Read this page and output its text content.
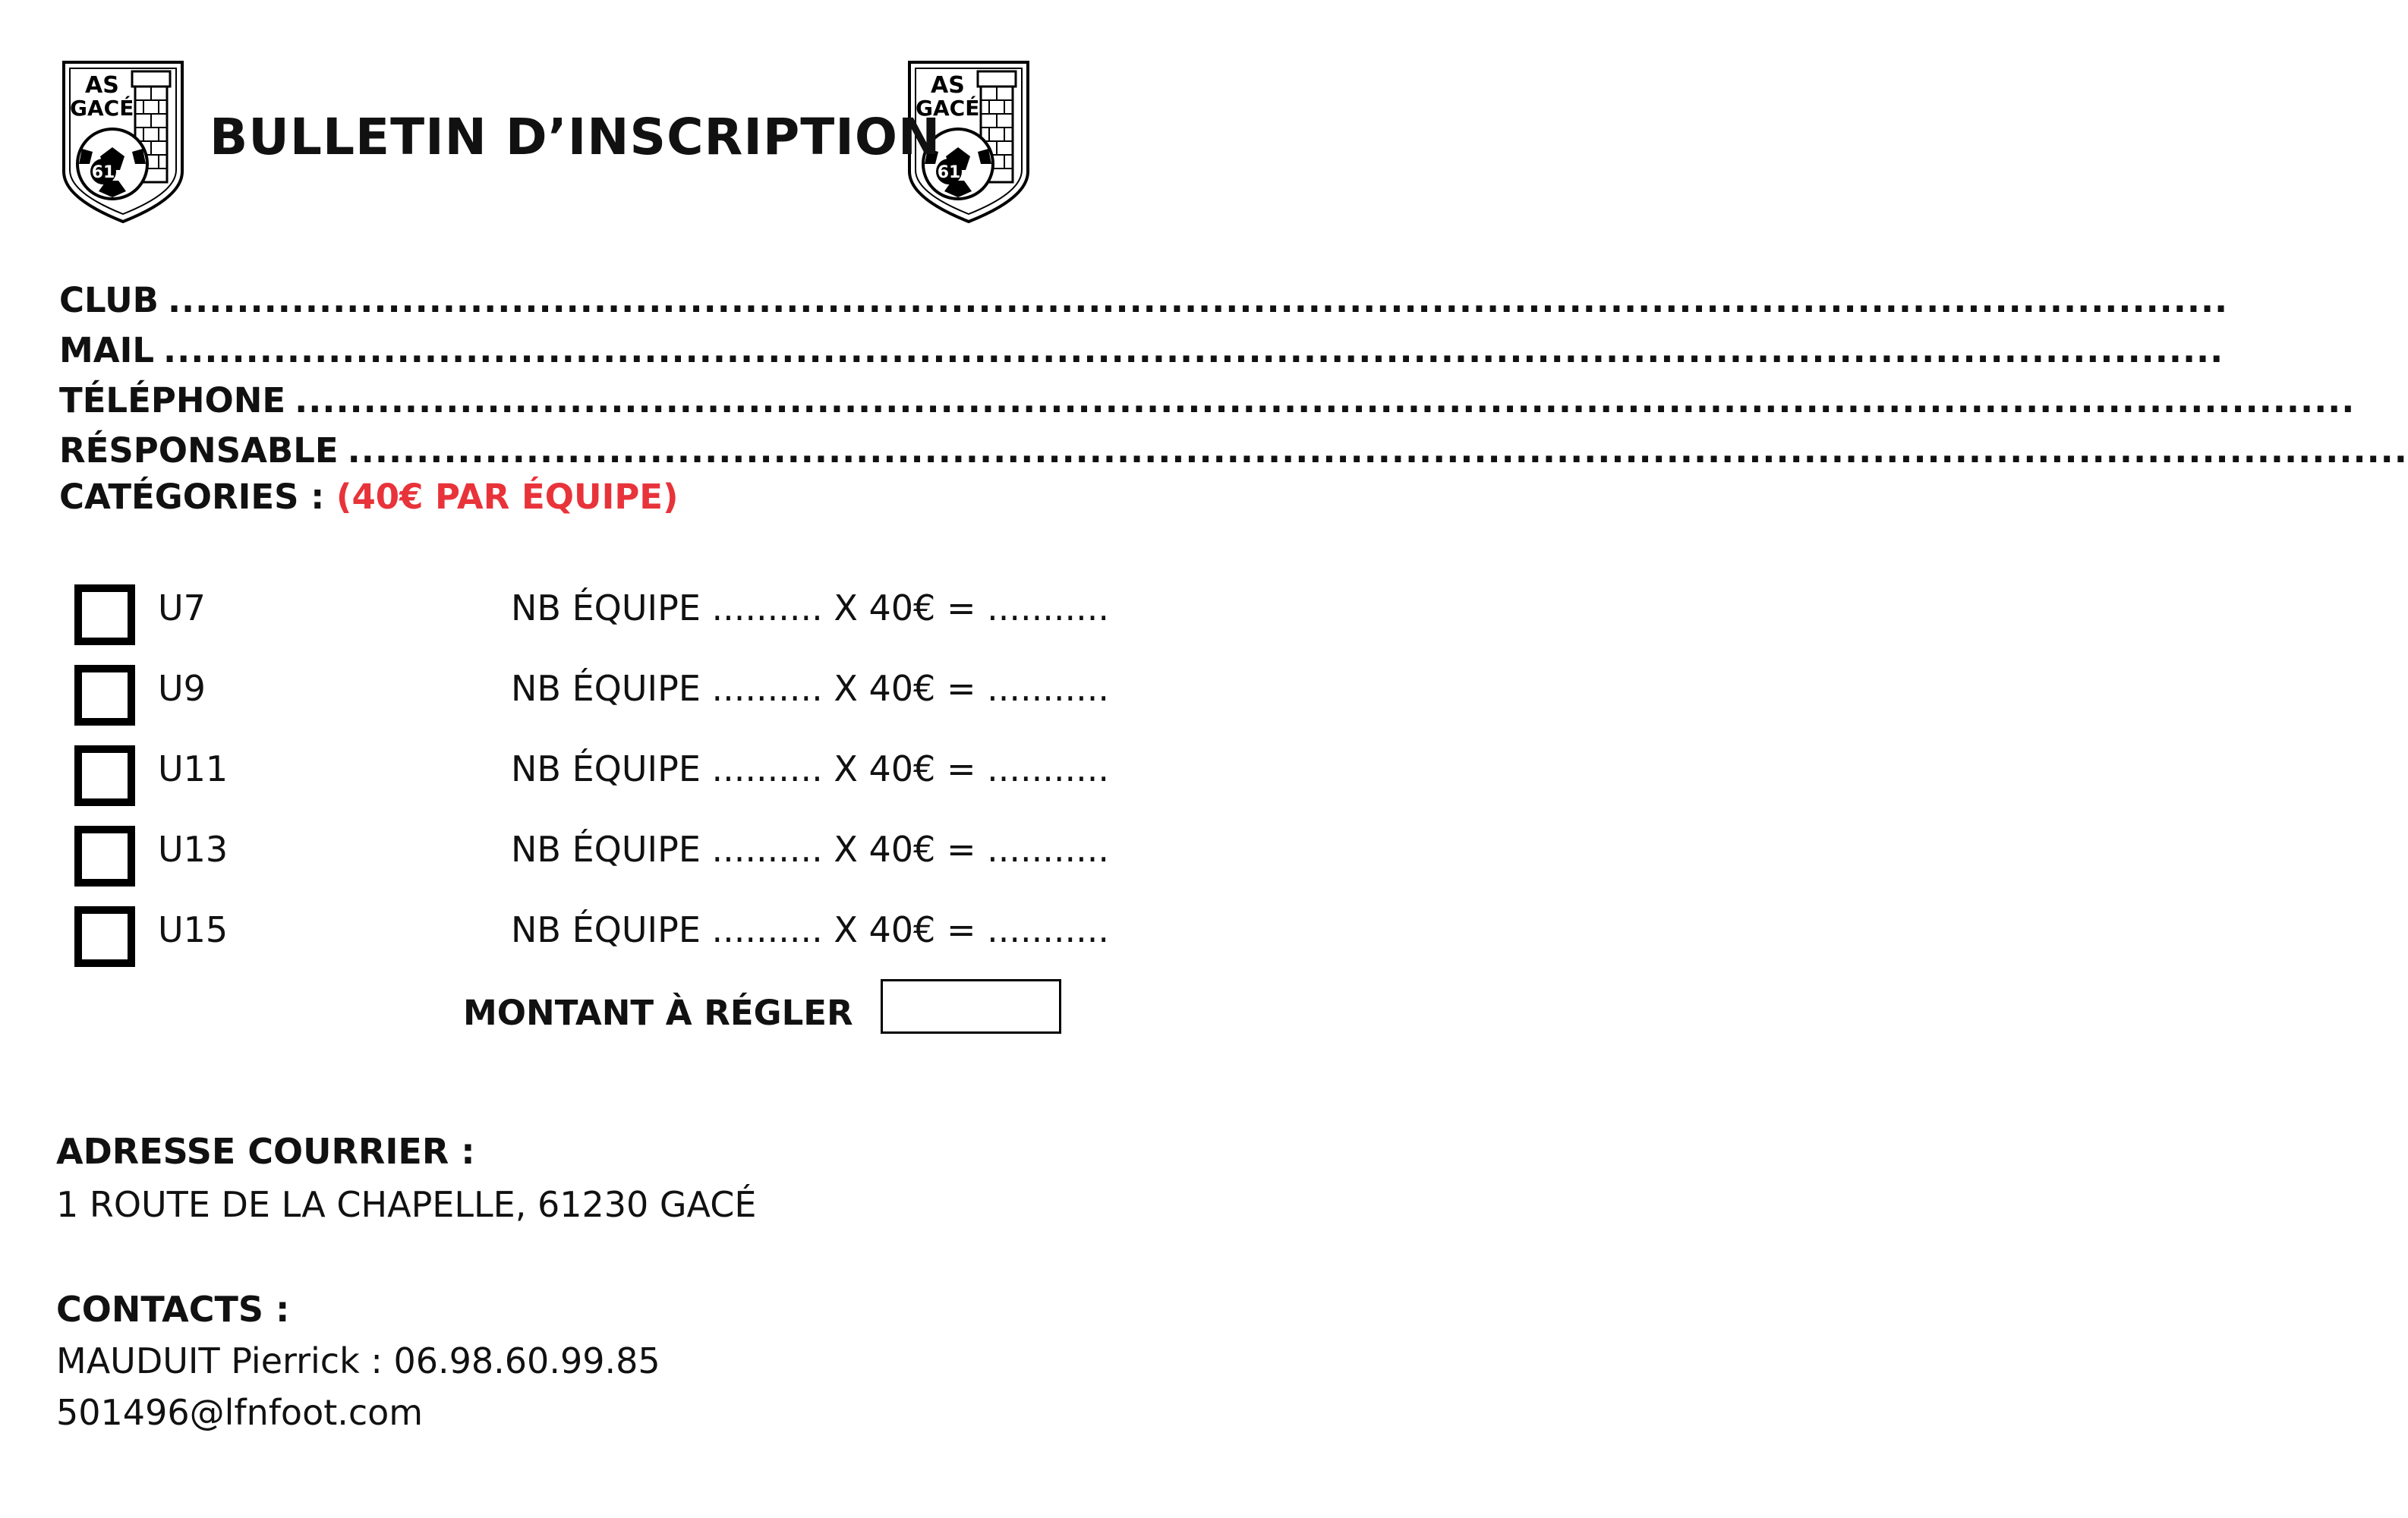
61
AS
GACÉ
61
AS
GACÉ
BULLETIN D’INSCRIPTION
CLUB
.....
MAIL
.....
TÉLÉPHONE
.....
RÉSPONSABLE
.....
CATÉGORIES : (40€ PAR ÉQUIPE)
U7	NB ÉQUIPE .......... X 40€ = ...........
U9	NB ÉQUIPE .......... X 40€ = ...........
U11	NB ÉQUIPE .......... X 40€ = ...........
U13	NB ÉQUIPE .......... X 40€ = ...........
U15	NB ÉQUIPE .......... X 40€ = ...........
MONTANT À RÉGLER
ADRESSE COURRIER :
1 ROUTE DE LA CHAPELLE, 61230 GACÉ
CONTACTS :
MAUDUIT Pierrick : 06.98.60.99.85
501496@lfnfoot.com
